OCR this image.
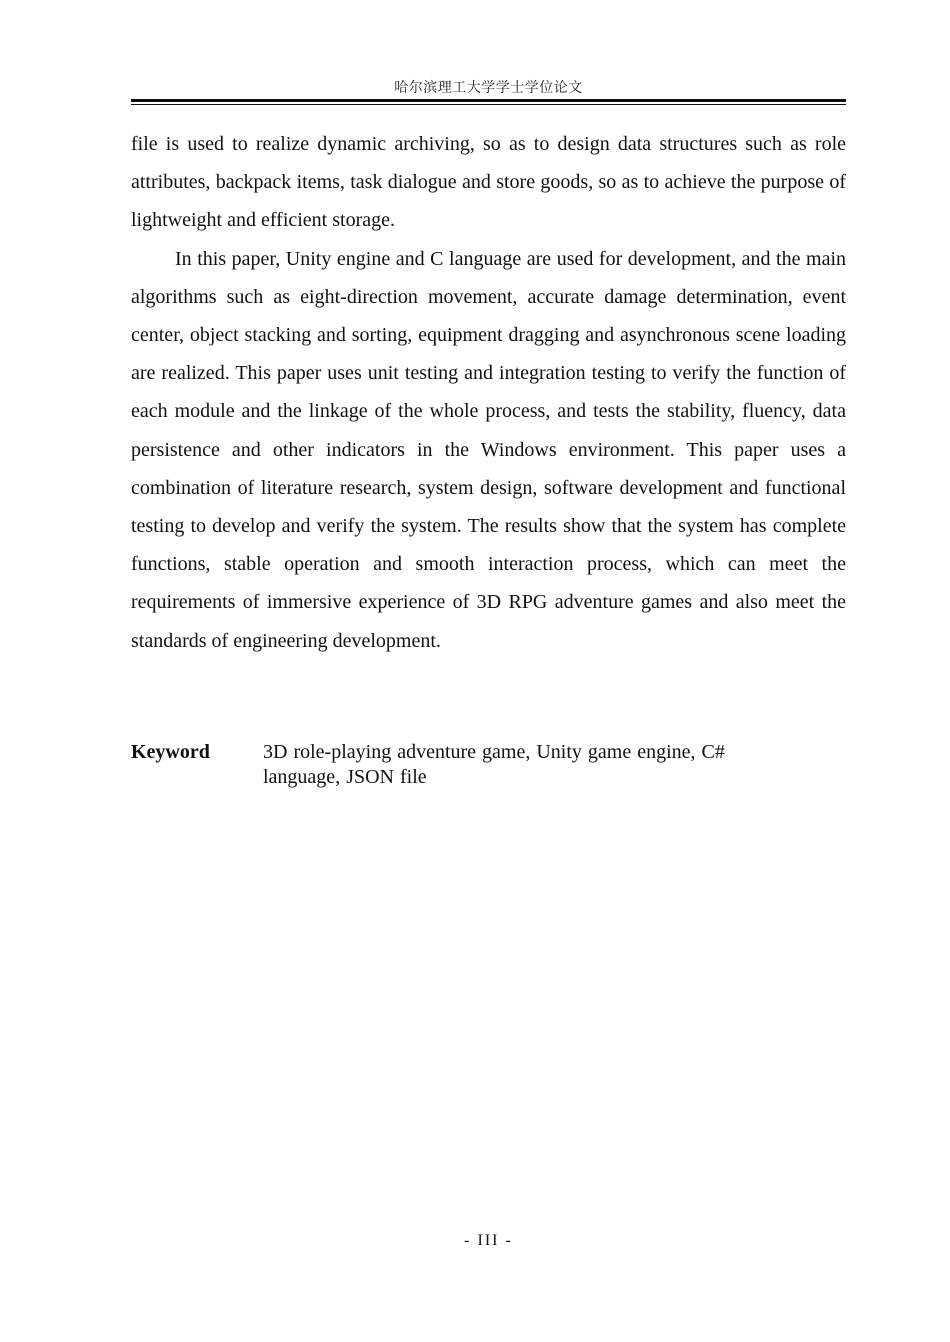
哈尔滨理工大学学士学位论文

file is used to realize dynamic archiving, so as to design data structures such as role attributes, backpack items, task dialogue and store goods, so as to achieve the purpose of lightweight and efficient storage.

In this paper, Unity engine and C language are used for development, and the main algorithms such as eight-direction movement, accurate damage determination, event center, object stacking and sorting, equipment dragging and asynchronous scene loading are realized. This paper uses unit testing and integration testing to verify the function of each module and the linkage of the whole process, and tests the stability, fluency, data persistence and other indicators in the Windows environment. This paper uses a combination of literature research, system design, software development and functional testing to develop and verify the system. The results show that the system has complete functions, stable operation and smooth interaction process, which can meet the requirements of immersive experience of 3D RPG adventure games and also meet the standards of engineering development.

Keyword	3D role-playing adventure game, Unity game engine, C# language, JSON file
- III -
